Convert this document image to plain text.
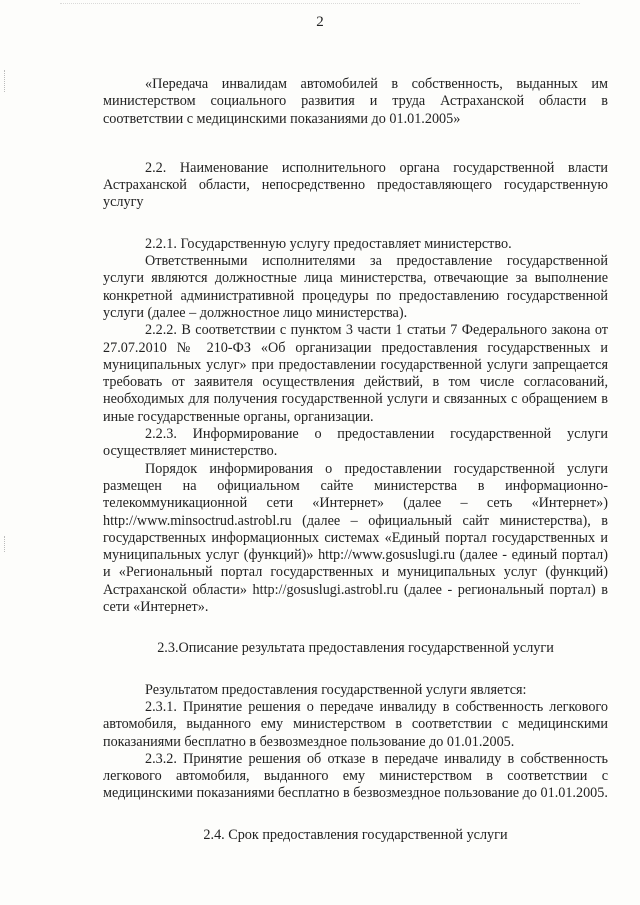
2

«Передача инвалидам автомобилей в собственность, выданных им министерством социального развития и труда Астраханской области в соответствии с медицинскими показаниями до 01.01.2005»

2.2. Наименование исполнительного органа государственной власти Астраханской области, непосредственно предоставляющего государственную услугу

2.2.1. Государственную услугу предоставляет министерство.

Ответственными исполнителями за предоставление государственной услуги являются должностные лица министерства, отвечающие за выполнение конкретной административной процедуры по предоставлению государственной услуги (далее – должностное лицо министерства).

2.2.2. В соответствии с пунктом 3 части 1 статьи 7 Федерального закона от 27.07.2010 № 210-ФЗ «Об организации предоставления государственных и муниципальных услуг» при предоставлении государственной услуги запрещается требовать от заявителя осуществления действий, в том числе согласований, необходимых для получения государственной услуги и связанных с обращением в иные государственные органы, организации.

2.2.3. Информирование о предоставлении государственной услуги осуществляет министерство.

Порядок информирования о предоставлении государственной услуги размещен на официальном сайте министерства в информационно-телекоммуникационной сети «Интернет» (далее – сеть «Интернет») http://www.minsoctrud.astrobl.ru (далее – официальный сайт министерства), в государственных информационных системах «Единый портал государственных и муниципальных услуг (функций)» http://www.gosuslugi.ru (далее - единый портал) и «Региональный портал государственных и муниципальных услуг (функций) Астраханской области» http://gosuslugi.astrobl.ru (далее - региональный портал) в сети «Интернет».

2.3.Описание результата предоставления государственной услуги

Результатом предоставления государственной услуги является:

2.3.1. Принятие решения о передаче инвалиду в собственность легкового автомобиля, выданного ему министерством в соответствии с медицинскими показаниями бесплатно в безвозмездное пользование до 01.01.2005.

2.3.2. Принятие решения об отказе в передаче инвалиду в собственность легкового автомобиля, выданного ему министерством в соответствии с медицинскими показаниями бесплатно в безвозмездное пользование до 01.01.2005.

2.4. Срок предоставления государственной услуги
